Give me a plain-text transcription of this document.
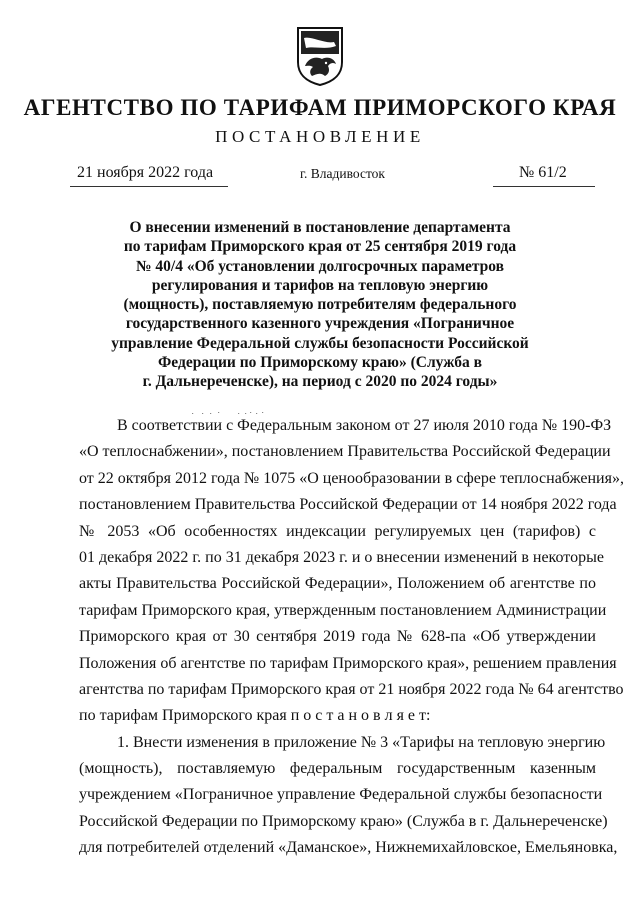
АГЕНТСТВО ПО ТАРИФАМ ПРИМОРСКОГО КРАЯ
ПОСТАНОВЛЕНИЕ
21 ноября 2022 года	г. Владивосток	№ 61/2
О внесении изменений в постановление департамента
по тарифам Приморского края от 25 сентября 2019 года
№ 40/4 «Об установлении долгосрочных параметров
регулирования и тарифов на тепловую энергию
(мощность), поставляемую потребителям федерального
государственного казенного учреждения «Пограничное
управление Федеральной службы безопасности Российской
Федерации по Приморскому краю» (Служба в
г. Дальнереченске), на период с 2020 по 2024 годы»
В соответствии с Федеральным законом от 27 июля 2010 года № 190-ФЗ
«О теплоснабжении», постановлением Правительства Российской Федерации
от 22 октября 2012 года № 1075 «О ценообразовании в сфере теплоснабжения»,
постановлением Правительства Российской Федерации от 14 ноября 2022 года
№ 2053 «Об особенностях индексации регулируемых цен (тарифов) с
01 декабря 2022 г. по 31 декабря 2023 г. и о внесении изменений в некоторые
акты Правительства Российской Федерации», Положением об агентстве по
тарифам Приморского края, утвержденным постановлением Администрации
Приморского края от 30 сентября 2019 года № 628-па «Об утверждении
Положения об агентстве по тарифам Приморского края», решением правления
агентства по тарифам Приморского края от 21 ноября 2022 года № 64 агентство
по тарифам Приморского края п о с т а н о в л я е т:
1. Внести изменения в приложение № 3 «Тарифы на тепловую энергию
(мощность), поставляемую федеральным государственным казенным
учреждением «Пограничное управление Федеральной службы безопасности
Российской Федерации по Приморскому краю» (Служба в г. Дальнереченске)
для потребителей отделений «Даманское», Нижнемихайловское, Емельяновка,
